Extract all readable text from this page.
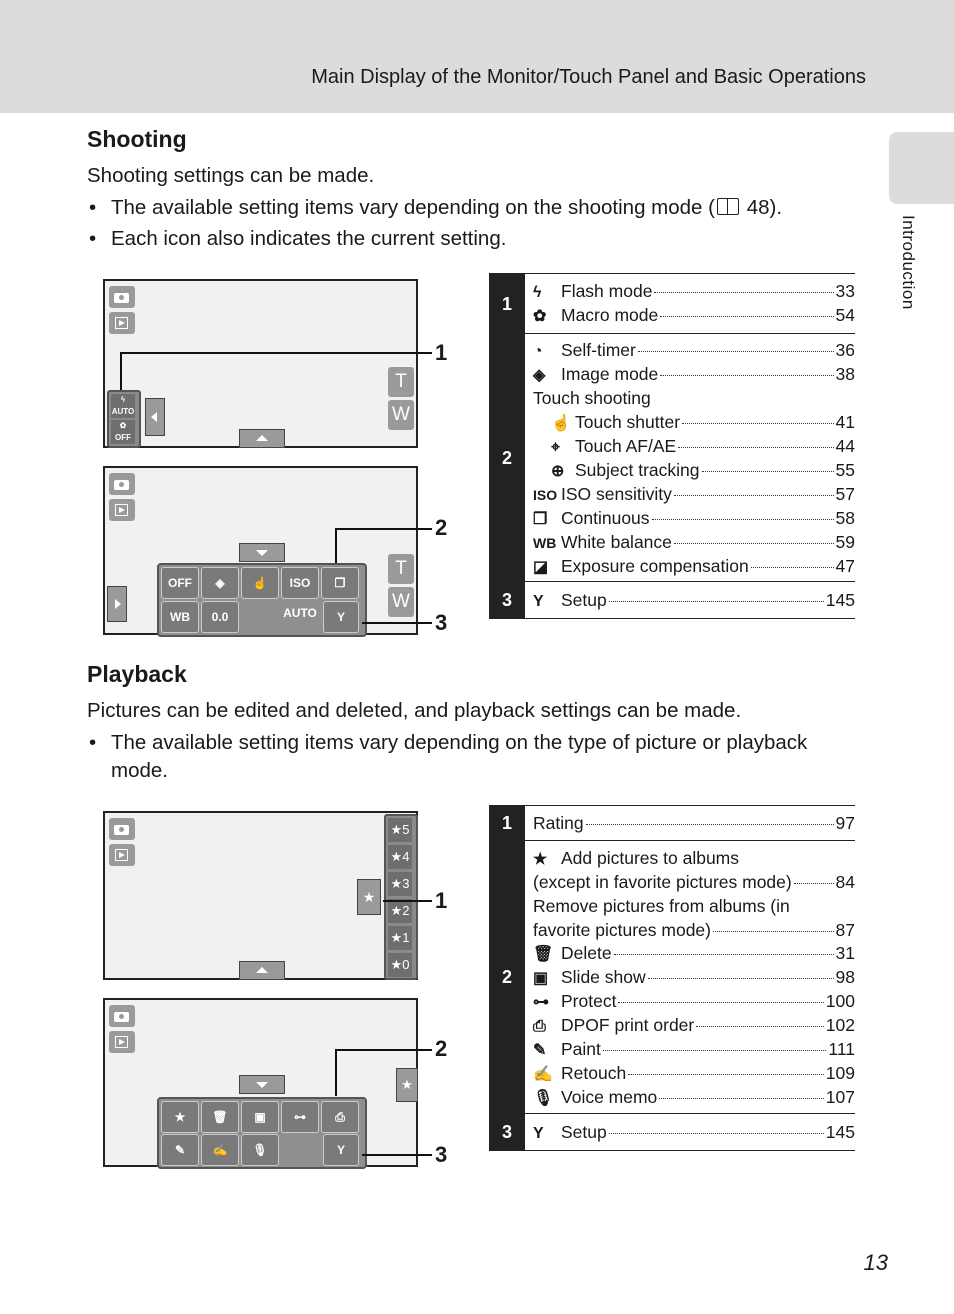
Main Display of the Monitor/Touch Panel and Basic Operations
Introduction
Shooting

Shooting settings can be made.

• The available setting items vary depending on the shooting mode ( 48).
• Each icon also indicates the current setting.
ϟ
AUTO
✿
OFF
T
W
OFF	◈	☝	ISO AUTO
❐
WB AUTO
0.0	Y
T
W
1
2
3
1
ϟ	Flash mode	33
✿ Macro mode	54
2
◔	Self-timer	36
◈ Image mode	38
Touch shooting
☝ Touch shutter	41
⌖ Touch AF/AE	44
⊕ Subject tracking	55
ISO ISO sensitivity	57
❐ Continuous	58
WB White balance	59
◪ Exposure compensation	47
3	Y Setup	145
Playback

Pictures can be edited and deleted, and playback settings can be made.

• The available setting items vary depending on the type of picture or playback mode.
★
★5
★4
★3
★2
★1
★0
★
★	🗑	▣	⊶	⎙
✎	✍	🎙	Y
1
2
3
1	Rating	97
2
★ Add pictures to albums
(except in favorite pictures mode)	84
Remove pictures from albums (in
favorite pictures mode)	87
🗑 Delete	31
▣ Slide show	98
⊶ Protect	100
⎙ DPOF print order	102
✎ Paint	111
✍ Retouch	109
🎙 Voice memo	107
3	Y Setup	145
13
